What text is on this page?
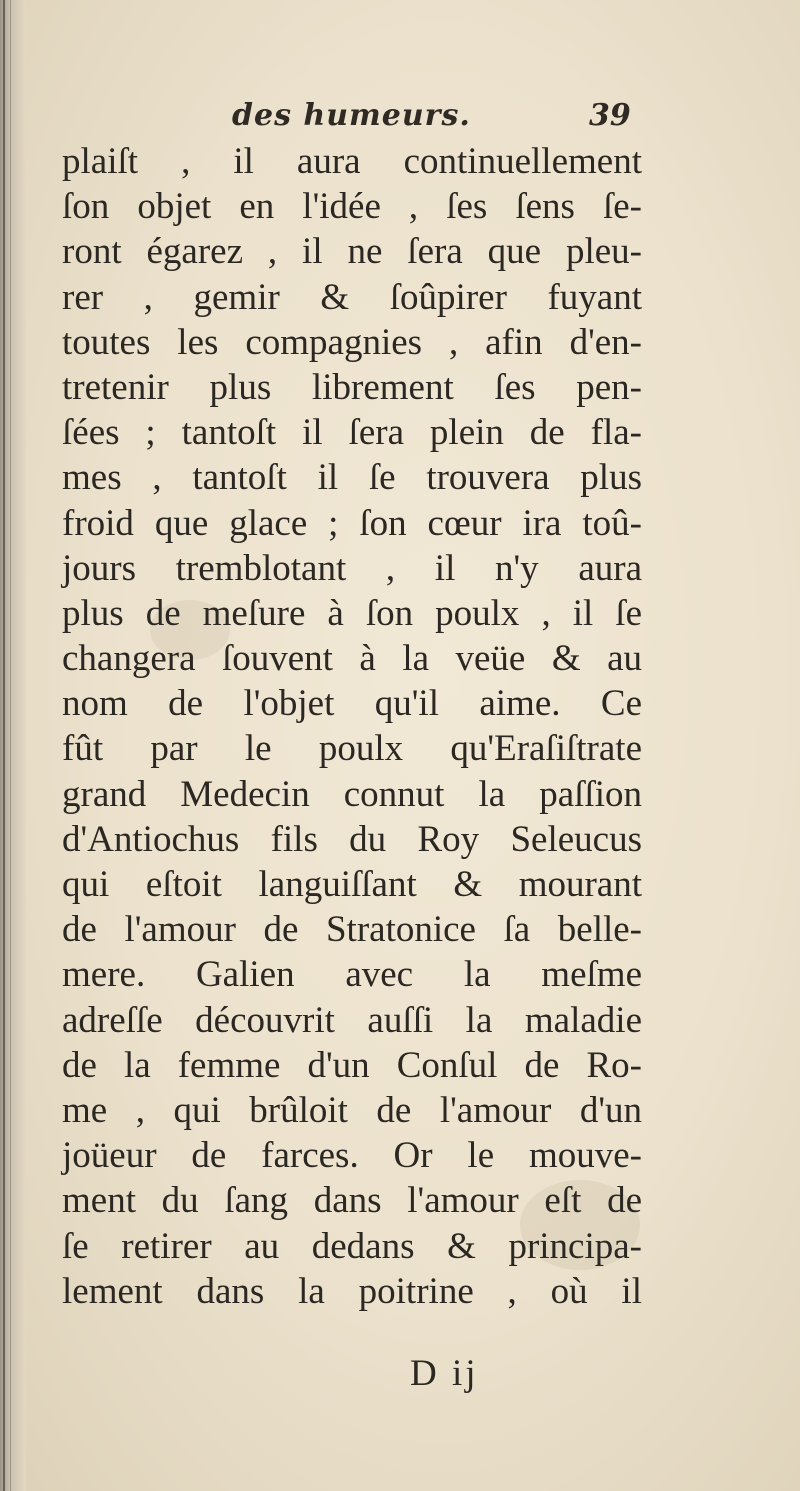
des humeurs.	39
plaiſt , il aura continuellement
ſon objet en l'idée , ſes ſens ſe-
ront égarez , il ne ſera que pleu-
rer , gemir & ſoûpirer fuyant
toutes les compagnies , afin d'en-
tretenir plus librement ſes pen-
ſées ; tantoſt il ſera plein de fla-
mes , tantoſt il ſe trouvera plus
froid que glace ; ſon cœur ira toû-
jours tremblotant , il n'y aura
plus de meſure à ſon poulx , il ſe
changera ſouvent à la veüe & au
nom de l'objet qu'il aime. Ce
fût par le poulx qu'Eraſiſtrate
grand Medecin connut la paſſion
d'Antiochus fils du Roy Seleucus
qui eſtoit languiſſant & mourant
de l'amour de Stratonice ſa belle-
mere. Galien avec la meſme
adreſſe découvrit auſſi la maladie
de la femme d'un Conſul de Ro-
me , qui brûloit de l'amour d'un
joüeur de farces. Or le mouve-
ment du ſang dans l'amour eſt de
ſe retirer au dedans & principa-
lement dans la poitrine , où il
D ij
